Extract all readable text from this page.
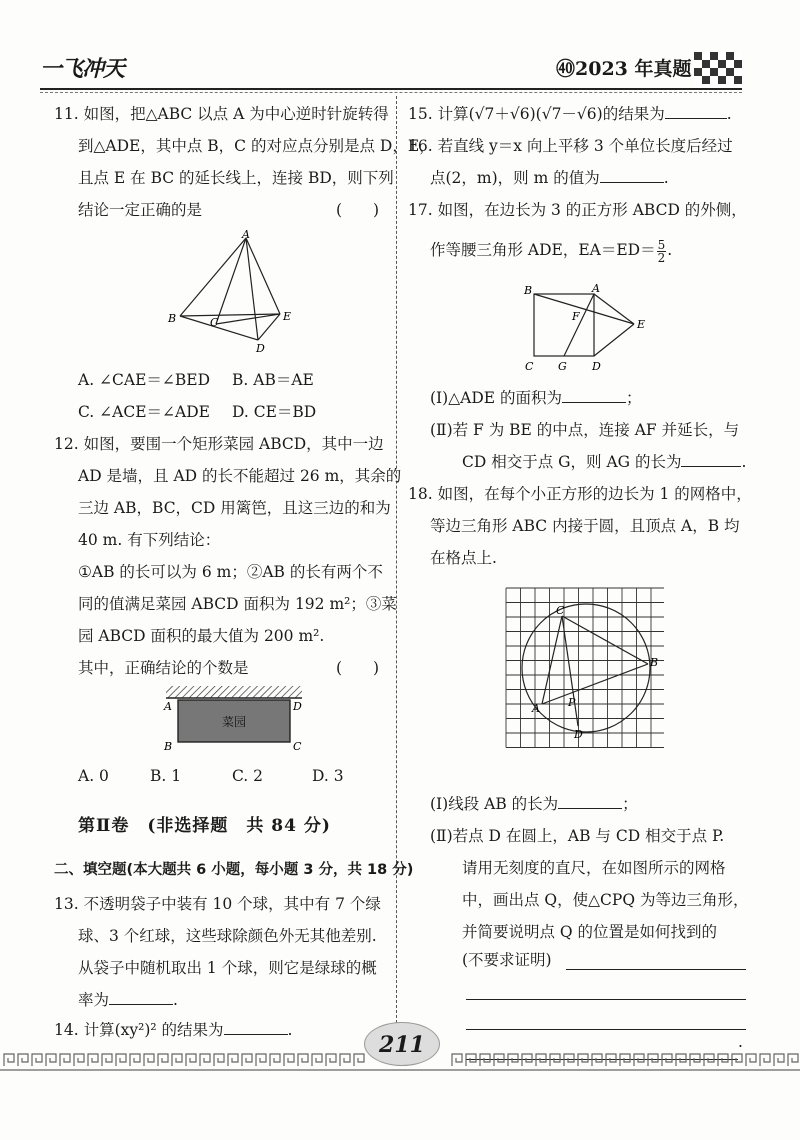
一飞冲天	㊵2023 年真题
11. 如图，把△ABC 以点 A 为中心逆时针旋转得
到△ADE，其中点 B，C 的对应点分别是点 D，E，
且点 E 在 BC 的延长线上，连接 BD，则下列
结论一定正确的是	(　　)
A
B	C	E
D
A. ∠CAE＝∠BED B. AB＝AE
C. ∠ACE＝∠ADE D. CE＝BD
12. 如图，要围一个矩形菜园 ABCD，其中一边
AD 是墙，且 AD 的长不能超过 26 m，其余的
三边 AB，BC，CD 用篱笆，且这三边的和为
40 m. 有下列结论：
①AB 的长可以为 6 m；②AB 的长有两个不
同的值满足菜园 ABCD 面积为 192 m²；③菜
园 ABCD 面积的最大值为 200 m².
其中，正确结论的个数是	(　　)
菜园
A	D
B	C
A. 0	B. 1	C. 2	D. 3
第Ⅱ卷　(非选择题　共 84 分)
二、填空题(本大题共 6 小题，每小题 3 分，共 18 分)
13. 不透明袋子中装有 10 个球，其中有 7 个绿
球、3 个红球，这些球除颜色外无其他差别.
从袋子中随机取出 1 个球，则它是绿球的概
率为	.
14. 计算(xy²)² 的结果为	.
15. 计算(√7＋√6)(√7－√6)的结果为	.
16. 若直线 y＝x 向上平移 3 个单位长度后经过
点(2，m)，则 m 的值为	.
17. 如图，在边长为 3 的正方形 ABCD 的外侧，
作等腰三角形 ADE，$EA=ED= \frac{5}{2}$ .
B	A
F
E
C G D
(Ⅰ)△ADE 的面积为	；
(Ⅱ)若 F 为 BE 的中点，连接 AF 并延长，与
CD 相交于点 G，则 AG 的长为	.
18. 如图，在每个小正方形的边长为 1 的网格中，
等边三角形 ABC 内接于圆，且顶点 A，B 均
在格点上.
C
B
A	P
D
(Ⅰ)线段 AB 的长为	；
(Ⅱ)若点 D 在圆上，AB 与 CD 相交于点 P.
请用无刻度的直尺，在如图所示的网格
中，画出点 Q，使△CPQ 为等边三角形，
并简要说明点 Q 的位置是如何找到的
(不要求证明)
.
211
